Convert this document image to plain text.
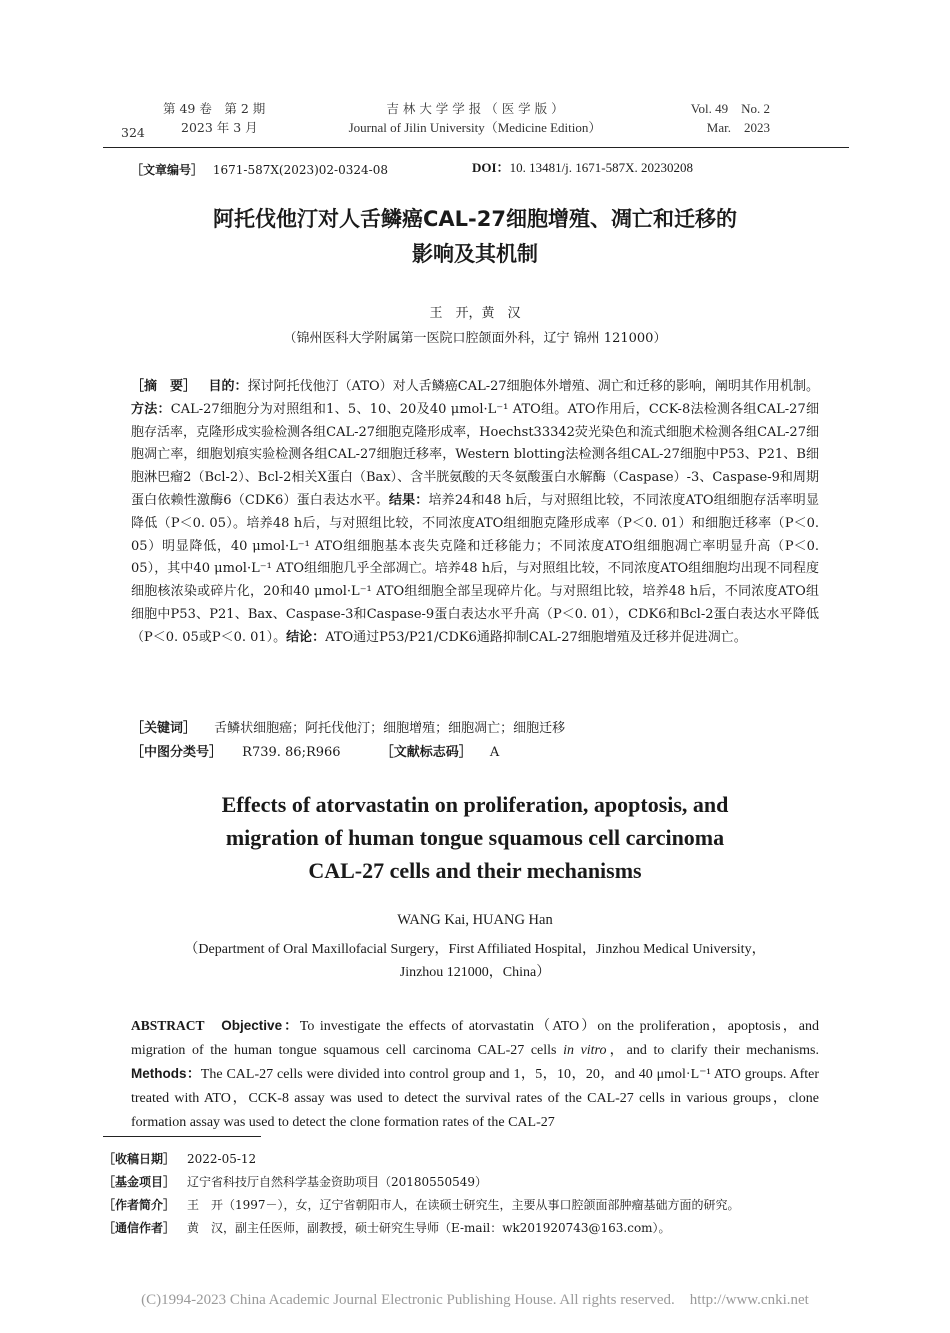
324
第 49 卷　第 2 期
2023 年 3 月
吉 林 大 学 学 报 （ 医 学 版 ）
Journal of Jilin University（Medicine Edition）
Vol. 49　No. 2
Mar.　2023
［文章编号］ 1671-587X(2023)02-0324-08	DOI：10. 13481/j. 1671-587X. 20230208
阿托伐他汀对人舌鳞癌CAL-27细胞增殖、凋亡和迁移的
影响及其机制
王　开，黄　汉
（锦州医科大学附属第一医院口腔颌面外科，辽宁 锦州 121000）
［摘　要］ 目的：探讨阿托伐他汀（ATO）对人舌鳞癌CAL-27细胞体外增殖、凋亡和迁移的影响，阐明其作用机制。方法：CAL-27细胞分为对照组和1、5、10、20及40 μmol·L⁻¹ ATO组。ATO作用后，CCK-8法检测各组CAL-27细胞存活率，克隆形成实验检测各组CAL-27细胞克隆形成率，Hoechst33342荧光染色和流式细胞术检测各组CAL-27细胞凋亡率，细胞划痕实验检测各组CAL-27细胞迁移率，Western blotting法检测各组CAL-27细胞中P53、P21、B细胞淋巴瘤2（Bcl-2）、Bcl-2相关X蛋白（Bax）、含半胱氨酸的天冬氨酸蛋白水解酶（Caspase）-3、Caspase-9和周期蛋白依赖性激酶6（CDK6）蛋白表达水平。结果：培养24和48 h后，与对照组比较，不同浓度ATO组细胞存活率明显降低（P＜0. 05）。培养48 h后，与对照组比较，不同浓度ATO组细胞克隆形成率（P＜0. 01）和细胞迁移率（P＜0. 05）明显降低，40 μmol·L⁻¹ ATO组细胞基本丧失克隆和迁移能力；不同浓度ATO组细胞凋亡率明显升高（P＜0. 05），其中40 μmol·L⁻¹ ATO组细胞几乎全部凋亡。培养48 h后，与对照组比较，不同浓度ATO组细胞均出现不同程度细胞核浓染或碎片化，20和40 μmol·L⁻¹ ATO组细胞全部呈现碎片化。与对照组比较，培养48 h后，不同浓度ATO组细胞中P53、P21、Bax、Caspase-3和Caspase-9蛋白表达水平升高（P＜0. 01），CDK6和Bcl-2蛋白表达水平降低（P＜0. 05或P＜0. 01）。结论：ATO通过P53/P21/CDK6通路抑制CAL-27细胞增殖及迁移并促进凋亡。
［关键词］ 舌鳞状细胞癌；阿托伐他汀；细胞增殖；细胞凋亡；细胞迁移
［中图分类号］ R739. 86;R966	［文献标志码］ A
Effects of atorvastatin on proliferation, apoptosis, and
migration of human tongue squamous cell carcinoma
CAL-27 cells and their mechanisms
WANG Kai, HUANG Han
（Department of Oral Maxillofacial Surgery，First Affiliated Hospital，Jinzhou Medical University，
Jinzhou 121000，China）
ABSTRACT Objective：To investigate the effects of atorvastatin（ATO）on the proliferation，apoptosis，and migration of the human tongue squamous cell carcinoma CAL-27 cells in vitro，and to clarify their mechanisms. Methods：The CAL-27 cells were divided into control group and 1，5，10，20，and 40 μmol·L⁻¹ ATO groups. After treated with ATO，CCK-8 assay was used to detect the survival rates of the CAL-27 cells in various groups，clone formation assay was used to detect the clone formation rates of the CAL-27
［收稿日期］ 2022-05-12
［基金项目］ 辽宁省科技厅自然科学基金资助项目（20180550549）
［作者简介］ 王　开（1997－），女，辽宁省朝阳市人，在读硕士研究生，主要从事口腔颌面部肿瘤基础方面的研究。
［通信作者］ 黄　汉，副主任医师，副教授，硕士研究生导师（E-mail：wk201920743@163.com）。
(C)1994-2023 China Academic Journal Electronic Publishing House. All rights reserved.　http://www.cnki.net
